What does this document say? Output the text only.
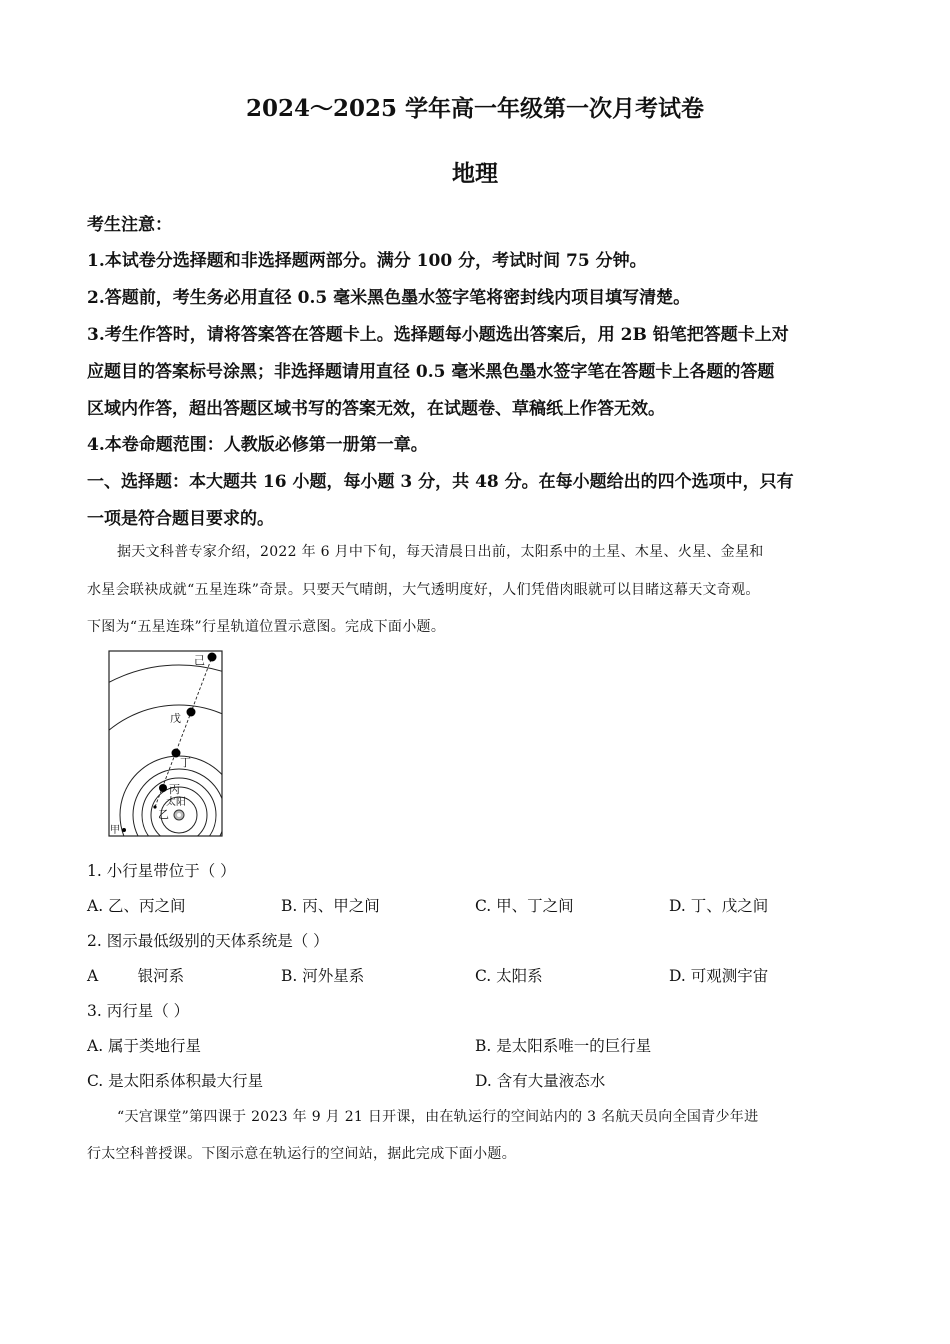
2024～2025 学年高一年级第一次月考试卷
地理
考生注意：
1.本试卷分选择题和非选择题两部分。满分 100 分，考试时间 75 分钟。
2.答题前，考生务必用直径 0.5 毫米黑色墨水签字笔将密封线内项目填写清楚。
3.考生作答时，请将答案答在答题卡上。选择题每小题选出答案后，用 2B 铅笔把答题卡上对
应题目的答案标号涂黑；非选择题请用直径 0.5 毫米黑色墨水签字笔在答题卡上各题的答题
区域内作答，超出答题区域书写的答案无效，在试题卷、草稿纸上作答无效。
4.本卷命题范围：人教版必修第一册第一章。
一、选择题：本大题共 16 小题，每小题 3 分，共 48 分。在每小题给出的四个选项中，只有
一项是符合题目要求的。
据天文科普专家介绍，2022 年 6 月中下旬，每天清晨日出前，太阳系中的土星、木星、火星、金星和
水星会联袂成就“五星连珠”奇景。只要天气晴朗，大气透明度好，人们凭借肉眼就可以目睹这幕天文奇观。
下图为“五星连珠”行星轨道位置示意图。完成下面小题。
己
戊
丁
丙
太阳
乙
甲
1. 小行星带位于（ ）
A. 乙、丙之间	B. 丙、甲之间	C. 甲、丁之间	D. 丁、戊之间
2. 图示最低级别的天体系统是（ ）
A        银河系	B. 河外星系	C. 太阳系	D. 可观测宇宙
3. 丙行星（ ）
A. 属于类地行星	B. 是太阳系唯一的巨行星
C. 是太阳系体积最大行星	D. 含有大量液态水
“天宫课堂”第四课于 2023 年 9 月 21 日开课，由在轨运行的空间站内的 3 名航天员向全国青少年进
行太空科普授课。下图示意在轨运行的空间站，据此完成下面小题。
